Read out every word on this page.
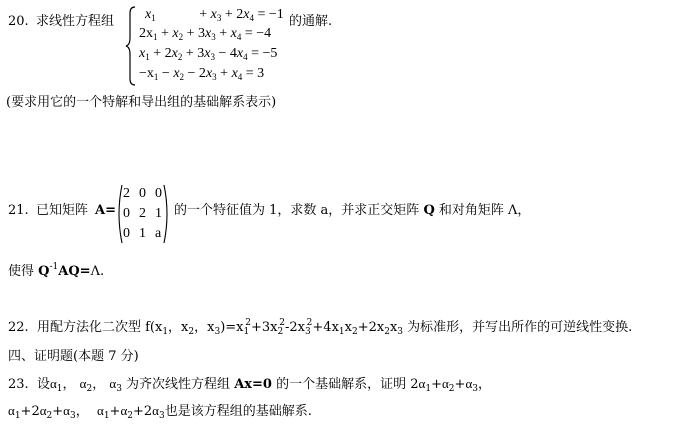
20. 求线性方程组 $x_1$	+ $x_3 + 2x_4 = -1$
$2x_1 + x_2 + 3x_3 + x_4 = -4$
$x_1 + 2x_2 + 3x_3 - 4x_4 = -5$
$-x_1 - x_2 - 2x_3 + x_4 = 3$
的通解.
(要求用它的一个特解和导出组的基础解系表示)
21. 已知矩阵 A=
2 0 0
0 2 1
0 1 a
的一个特征值为 1，求数 a，并求正交矩阵 Q 和对角矩阵 Λ，
使得 $Q^{-1}AQ=\Lambda$.
22. 用配方法化二次型 $f(x_1$，$x_2$，$x_3)=x_1^2+3x_2^2-2x_3^2+4x_1x_2+2x_2x_3$ 为标准形，并写出所作的可逆线性变换.
四、证明题(本题 7 分)
23. 设$\alpha_1$， $\alpha_2$， $\alpha_3$ 为齐次线性方程组 Ax=0 的一个基础解系，证明 $2\alpha_1+\alpha_2+\alpha_3$，
$\alpha_1+2\alpha_2+\alpha_3$， $\alpha_1+\alpha_2+2\alpha_3$也是该方程组的基础解系.
